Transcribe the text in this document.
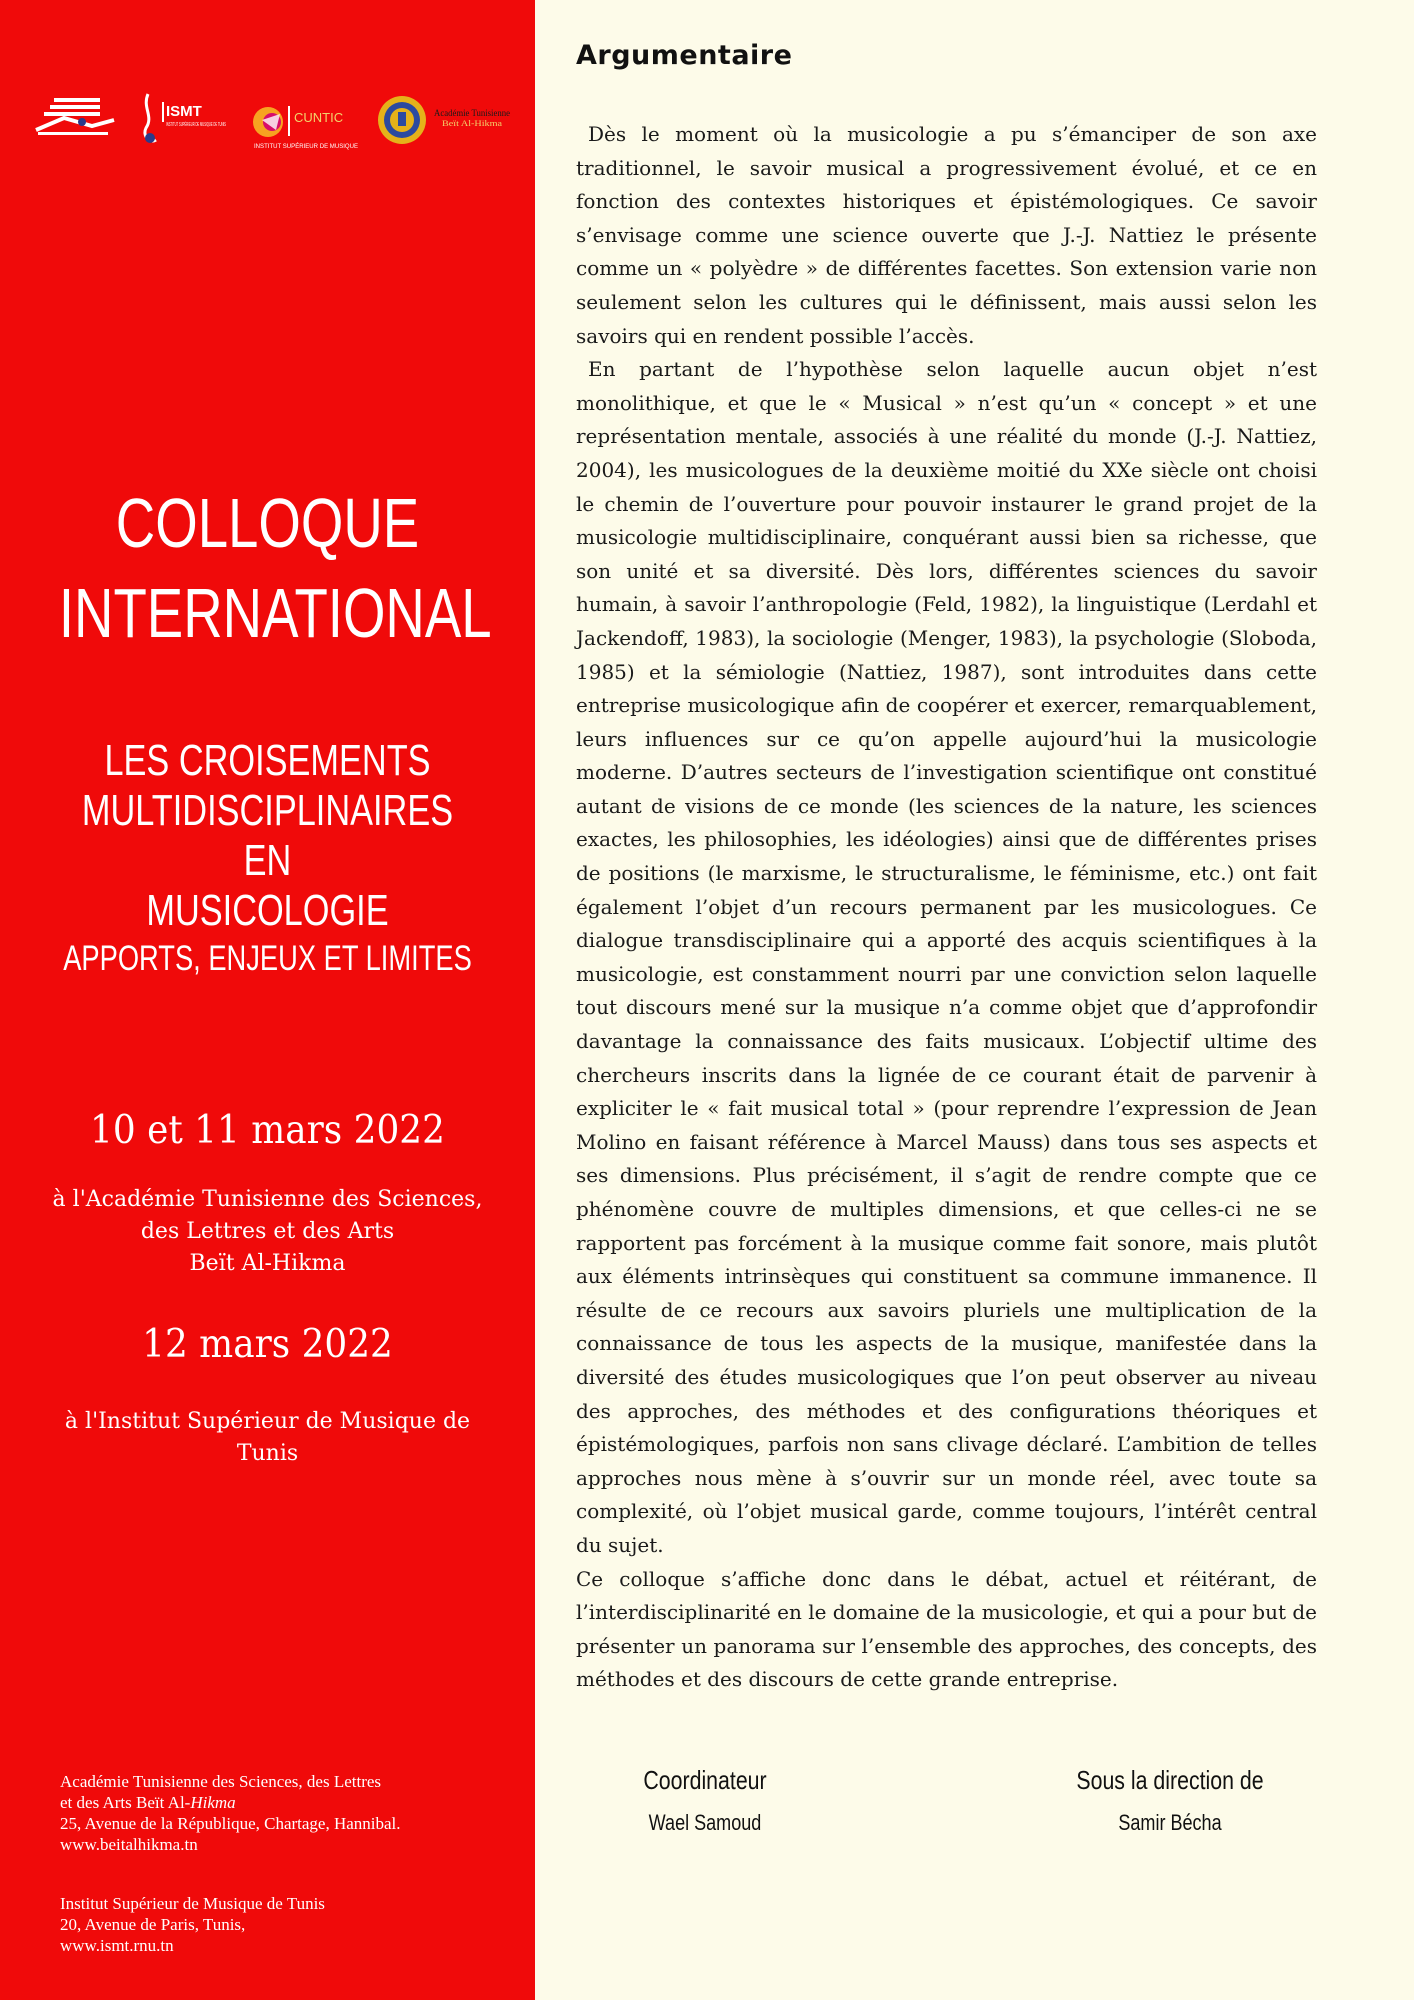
ISMT
INSTITUT SUPÉRIEUR DE MUSIQUE DE TUNIS CUNTIC
INSTITUT SUPÉRIEUR DE MUSIQUE
Académie Tunisienne
Beït Al-Hikma
COLLOQUE
INTERNATIONAL
LES CROISEMENTS
MULTIDISCIPLINAIRES EN
MUSICOLOGIE
APPORTS, ENJEUX ET LIMITES
10 et 11 mars 2022
à l'Académie Tunisienne des Sciences,
des Lettres et des Arts
Beït Al-Hikma
12 mars 2022
à l'Institut Supérieur de Musique de
Tunis
Académie Tunisienne des Sciences, des Lettres
et des Arts Beït Al-Hikma
25, Avenue de la République, Chartage, Hannibal.
www.beitalhikma.tn
Institut Supérieur de Musique de Tunis
20, Avenue de Paris, Tunis,
www.ismt.rnu.tn
Argumentaire

Dès le moment où la musicologie a pu s’émanciper de son axe traditionnel, le savoir musical a progressivement évolué, et ce en fonction des contextes historiques et épistémologiques. Ce savoir s’envisage comme une science ouverte que J.-J. Nattiez le présente comme un « polyèdre » de différentes facettes. Son extension varie non seulement selon les cultures qui le définissent, mais aussi selon les savoirs qui en rendent possible l’accès.

En partant de l’hypothèse selon laquelle aucun objet n’est monolithique, et que le « Musical » n’est qu’un « concept » et une représentation mentale, associés à une réalité du monde (J.-J. Nattiez, 2004), les musicologues de la deuxième moitié du XXe siècle ont choisi le chemin de l’ouverture pour pouvoir instaurer le grand projet de la musicologie multidisciplinaire, conquérant aussi bien sa richesse, que son unité et sa diversité. Dès lors, différentes sciences du savoir humain, à savoir l’anthropologie (Feld, 1982), la linguistique (Lerdahl et Jackendoff, 1983), la sociologie (Menger, 1983), la psychologie (Sloboda, 1985) et la sémiologie (Nattiez, 1987), sont introduites dans cette entreprise musicologique afin de coopérer et exercer, remarquablement, leurs influences sur ce qu’on appelle aujourd’hui la musicologie moderne. D’autres secteurs de l’investigation scientifique ont constitué autant de visions de ce monde (les sciences de la nature, les sciences exactes, les philosophies, les idéologies) ainsi que de différentes prises de positions (le marxisme, le structuralisme, le féminisme, etc.) ont fait également l’objet d’un recours permanent par les musicologues. Ce dialogue transdisciplinaire qui a apporté des acquis scientifiques à la musicologie, est constamment nourri par une conviction selon laquelle tout discours mené sur la musique n’a comme objet que d’approfondir davantage la connaissance des faits musicaux. L’objectif ultime des chercheurs inscrits dans la lignée de ce courant était de parvenir à expliciter le « fait musical total » (pour reprendre l’expression de Jean Molino en faisant référence à Marcel Mauss) dans tous ses aspects et ses dimensions. Plus précisément, il s’agit de rendre compte que ce phénomène couvre de multiples dimensions, et que celles-ci ne se rapportent pas forcément à la musique comme fait sonore, mais plutôt aux éléments intrinsèques qui constituent sa commune immanence. Il résulte de ce recours aux savoirs pluriels une multiplication de la connaissance de tous les aspects de la musique, manifestée dans la diversité des études musicologiques que l’on peut observer au niveau des approches, des méthodes et des configurations théoriques et épistémologiques, parfois non sans clivage déclaré. L’ambition de telles approches nous mène à s’ouvrir sur un monde réel, avec toute sa complexité, où l’objet musical garde, comme toujours, l’intérêt central du sujet.

Ce colloque s’affiche donc dans le débat, actuel et réitérant, de l’interdisciplinarité en le domaine de la musicologie, et qui a pour but de présenter un panorama sur l’ensemble des approches, des concepts, des méthodes et des discours de cette grande entreprise.

Coordinateur
Wael Samoud
Sous la direction de
Samir Bécha
